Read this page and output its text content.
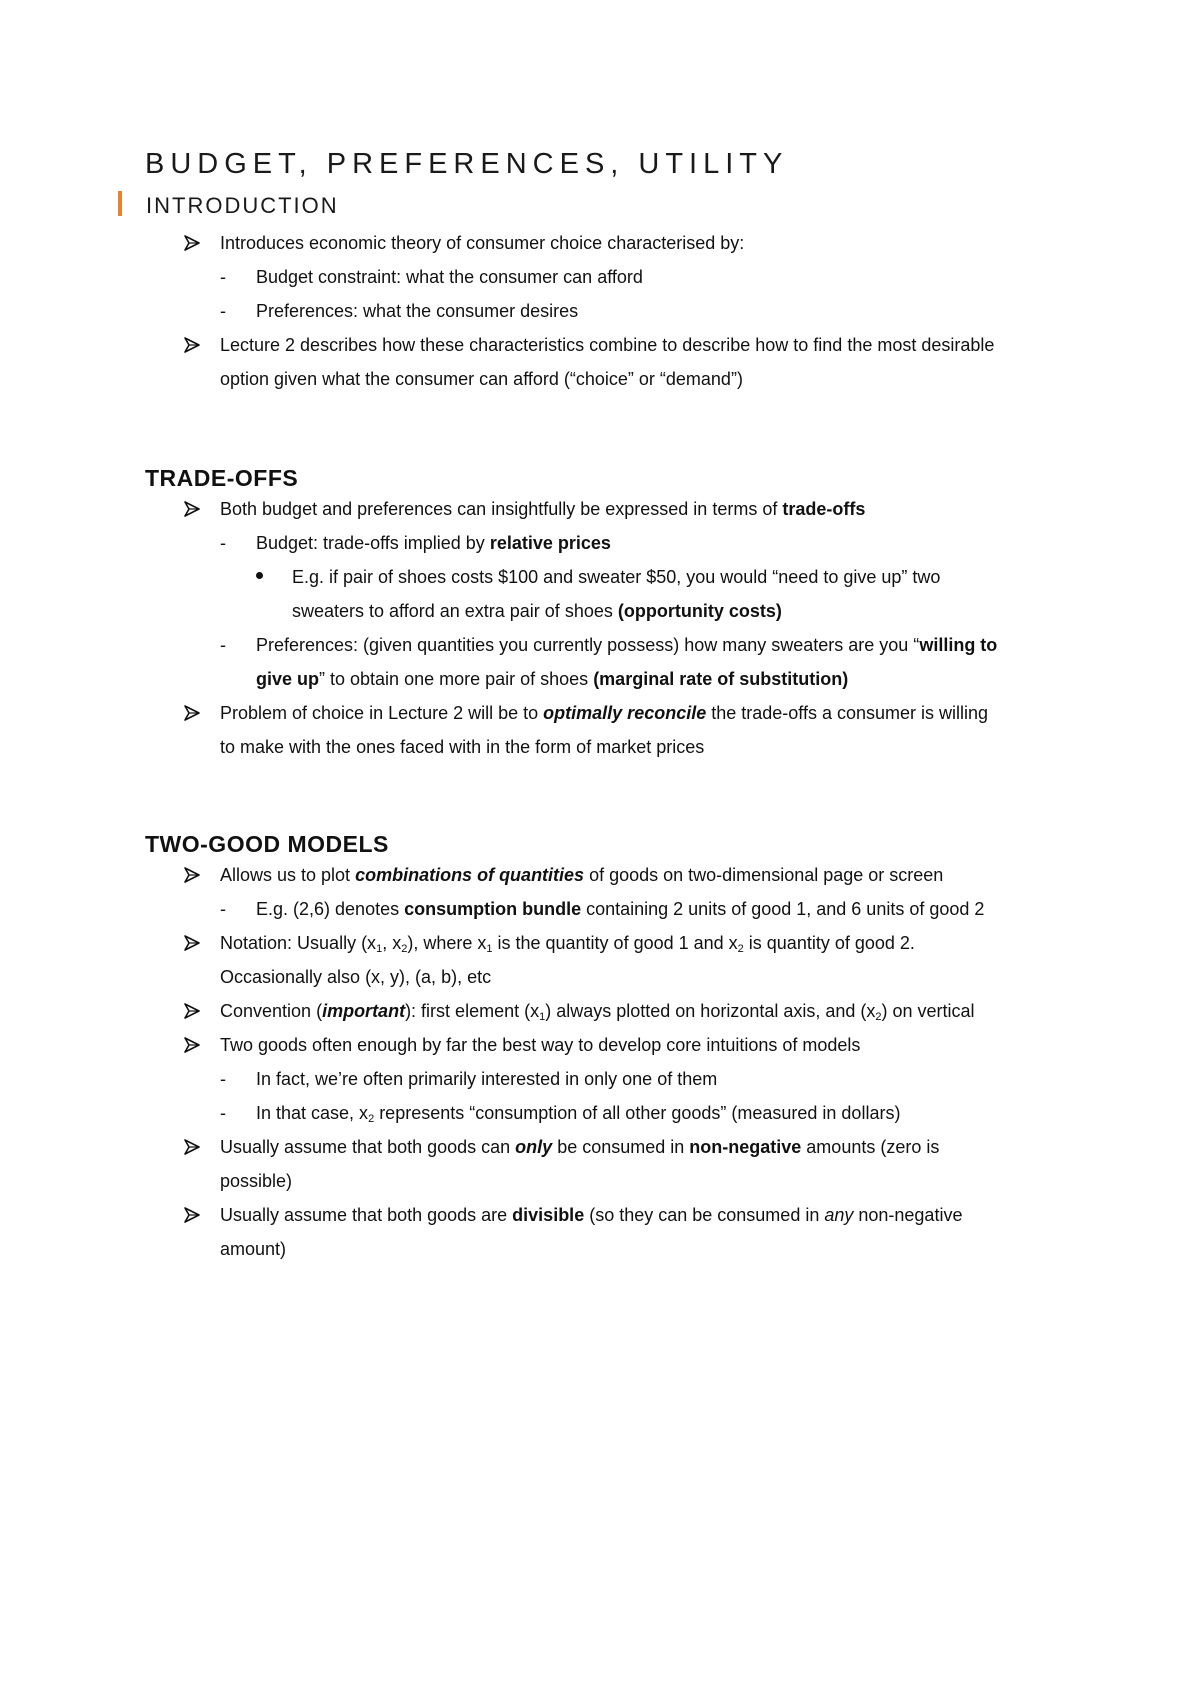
BUDGET, PREFERENCES, UTILITY
INTRODUCTION
Introduces economic theory of consumer choice characterised by:
- Budget constraint: what the consumer can afford
- Preferences: what the consumer desires
Lecture 2 describes how these characteristics combine to describe how to find the most desirable
option given what the consumer can afford (“choice” or “demand”)
TRADE-OFFS
Both budget and preferences can insightfully be expressed in terms of trade-offs
- Budget: trade-offs implied by relative prices
E.g. if pair of shoes costs $100 and sweater $50, you would “need to give up” two
sweaters to afford an extra pair of shoes (opportunity costs)
- Preferences: (given quantities you currently possess) how many sweaters are you “willing to
give up” to obtain one more pair of shoes (marginal rate of substitution)
Problem of choice in Lecture 2 will be to optimally reconcile the trade-offs a consumer is willing
to make with the ones faced with in the form of market prices
TWO-GOOD MODELS
Allows us to plot combinations of quantities of goods on two-dimensional page or screen
- E.g. (2,6) denotes consumption bundle containing 2 units of good 1, and 6 units of good 2
Notation: Usually ($x_1$, $x_2$), where $x_1$ is the quantity of good 1 and $x_2$ is quantity of good 2.
Occasionally also (x, y), (a, b), etc
Convention (important): first element $(x_1)$ always plotted on horizontal axis, and $(x_2)$ on vertical
Two goods often enough by far the best way to develop core intuitions of models
- In fact, we’re often primarily interested in only one of them
- In that case, $x_2$ represents “consumption of all other goods” (measured in dollars)
Usually assume that both goods can only be consumed in non-negative amounts (zero is
possible)
Usually assume that both goods are divisible (so they can be consumed in any non-negative
amount)
